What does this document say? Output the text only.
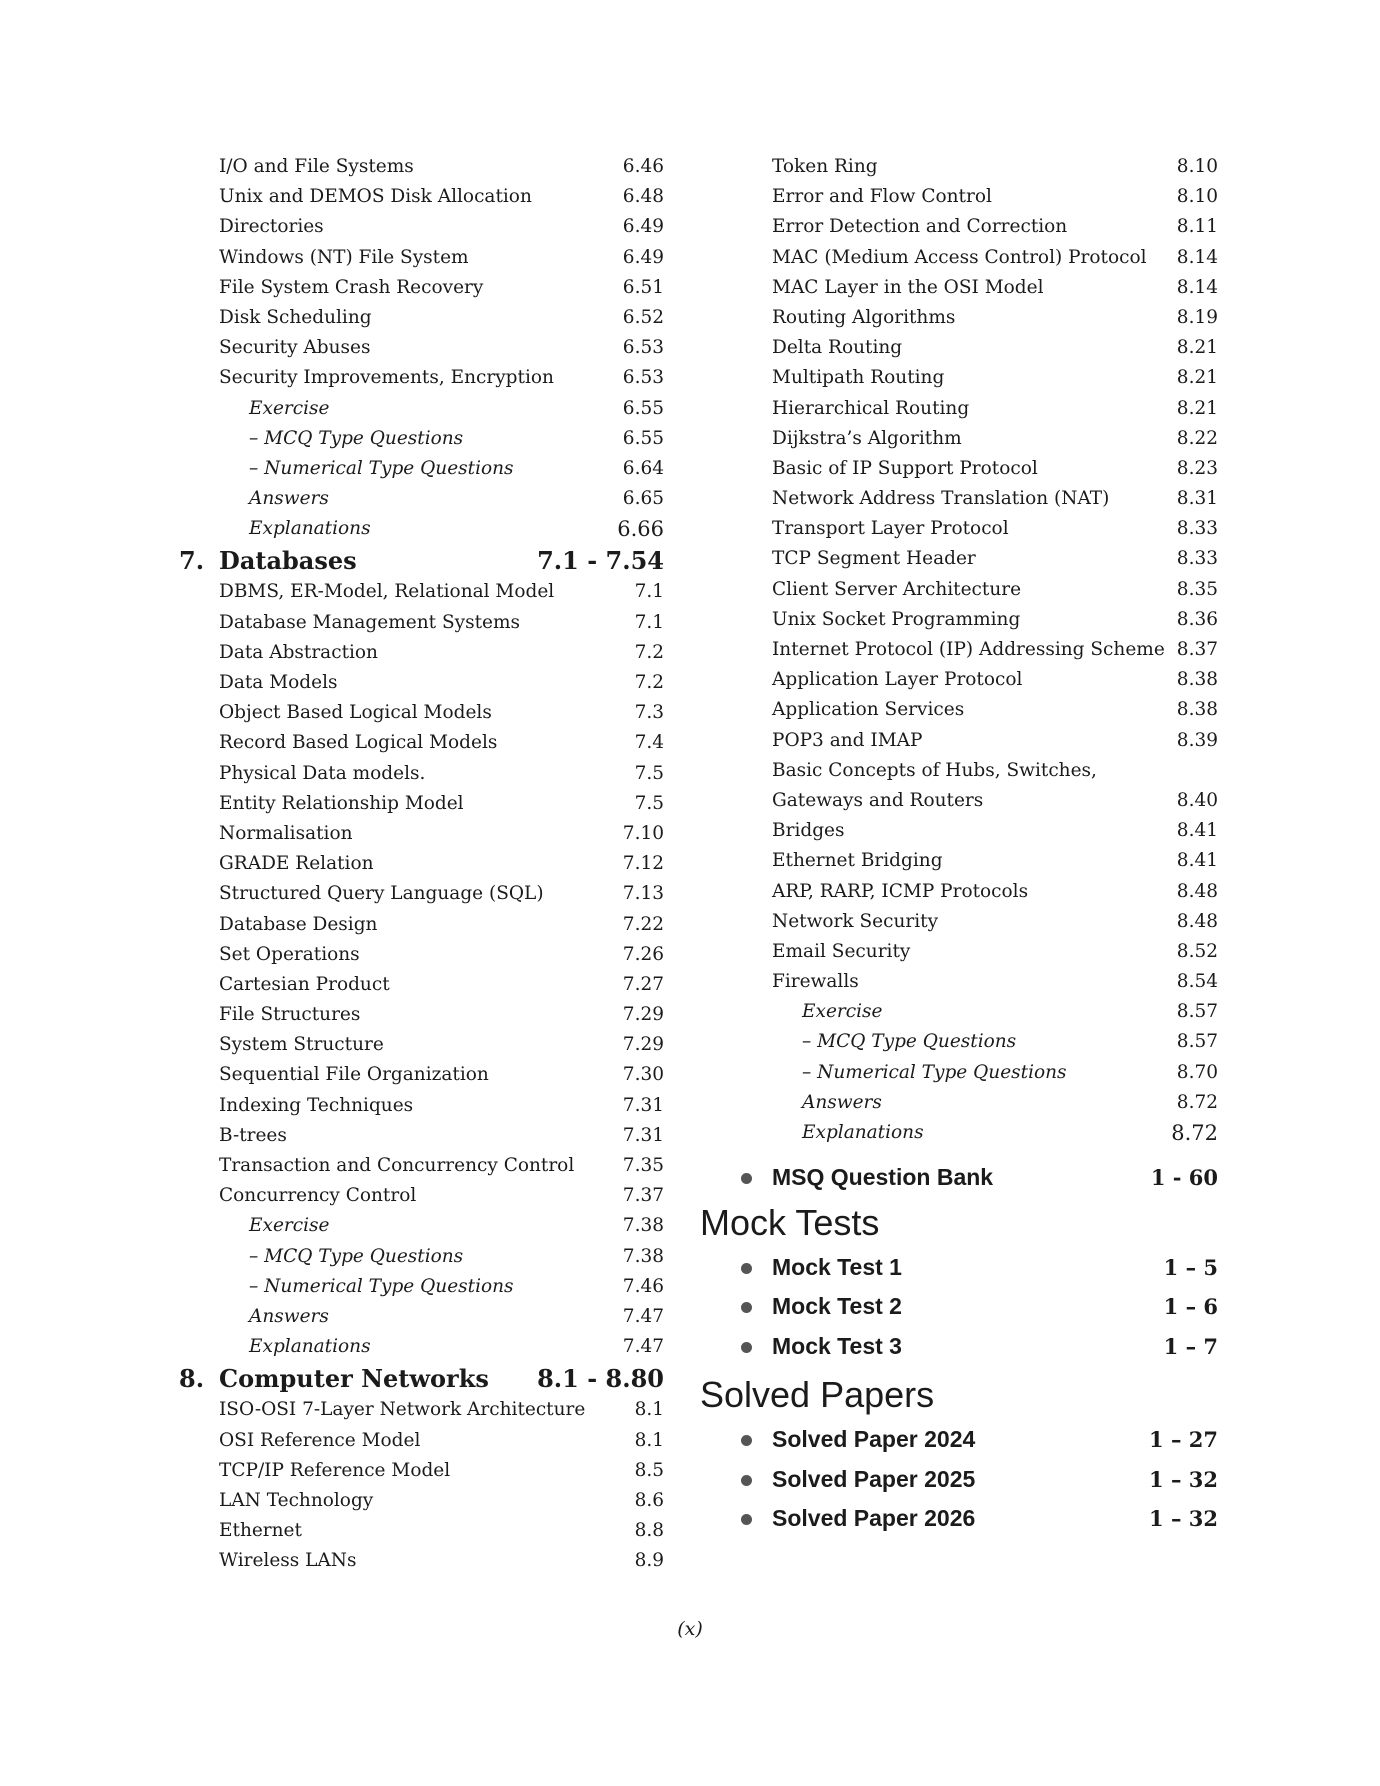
I/O and File Systems	6.46
Unix and DEMOS Disk Allocation	6.48
Directories	6.49
Windows (NT) File System	6.49
File System Crash Recovery	6.51
Disk Scheduling	6.52
Security Abuses	6.53
Security Improvements, Encryption	6.53
Exercise	6.55
– MCQ Type Questions	6.55
– Numerical Type Questions	6.64
Answers	6.65
Explanations	6.66
7. Databases	7.1 - 7.54
DBMS, ER-Model, Relational Model	7.1
Database Management Systems	7.1
Data Abstraction	7.2
Data Models	7.2
Object Based Logical Models	7.3
Record Based Logical Models	7.4
Physical Data models.	7.5
Entity Relationship Model	7.5
Normalisation	7.10
GRADE Relation	7.12
Structured Query Language (SQL)	7.13
Database Design	7.22
Set Operations	7.26
Cartesian Product	7.27
File Structures	7.29
System Structure	7.29
Sequential File Organization	7.30
Indexing Techniques	7.31
B-trees	7.31
Transaction and Concurrency Control	7.35
Concurrency Control	7.37
Exercise	7.38
– MCQ Type Questions	7.38
– Numerical Type Questions	7.46
Answers	7.47
Explanations	7.47
8. Computer Networks 8.1 - 8.80
ISO-OSI 7-Layer Network Architecture	8.1
OSI Reference Model	8.1
TCP/IP Reference Model	8.5
LAN Technology	8.6
Ethernet	8.8
Wireless LANs	8.9
Token Ring	8.10
Error and Flow Control	8.10
Error Detection and Correction	8.11
MAC (Medium Access Control) Protocol 8.14
MAC Layer in the OSI Model	8.14
Routing Algorithms	8.19
Delta Routing	8.21
Multipath Routing	8.21
Hierarchical Routing	8.21
Dijkstra’s Algorithm	8.22
Basic of IP Support Protocol	8.23
Network Address Translation (NAT)	8.31
Transport Layer Protocol	8.33
TCP Segment Header	8.33
Client Server Architecture	8.35
Unix Socket Programming	8.36
Internet Protocol (IP) Addressing Scheme 8.37
Application Layer Protocol	8.38
Application Services	8.38
POP3 and IMAP	8.39
Basic Concepts of Hubs, Switches,
Gateways and Routers	8.40
Bridges	8.41
Ethernet Bridging	8.41
ARP, RARP, ICMP Protocols	8.48
Network Security	8.48
Email Security	8.52
Firewalls	8.54
Exercise	8.57
– MCQ Type Questions	8.57
– Numerical Type Questions	8.70
Answers	8.72
Explanations	8.72
MSQ Question Bank	1 - 60
Mock Tests
Mock Test 1	1 – 5
Mock Test 2	1 – 6
Mock Test 3	1 – 7
Solved Papers
Solved Paper 2024	1 – 27
Solved Paper 2025	1 – 32
Solved Paper 2026	1 – 32
(x)
